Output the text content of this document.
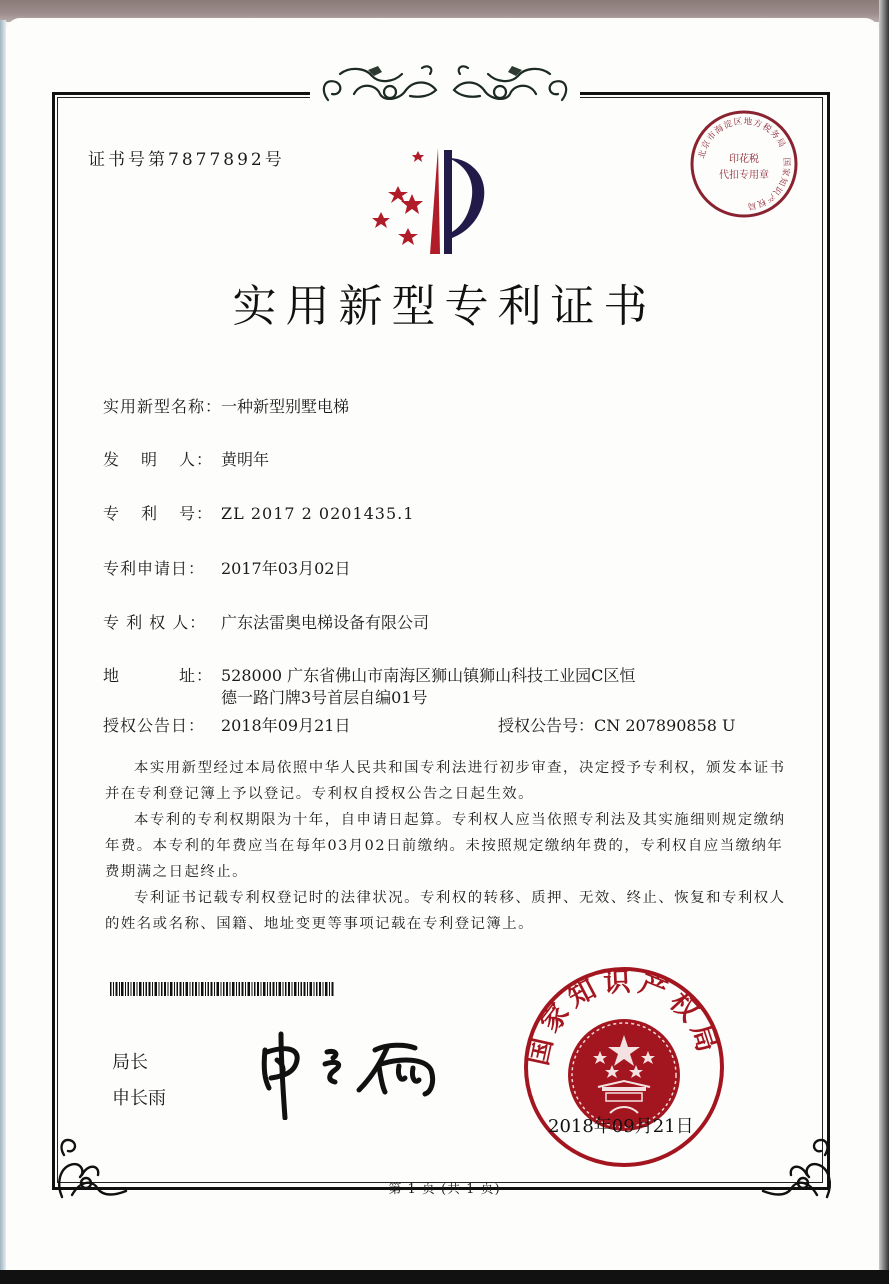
证书号第7877892号	北京市海淀区地方税务局　国家知识产权局
印花税
代扣专用章
实用新型专利证书
实用新型名称：一种新型别墅电梯
发 明 人： 黄明年
专 利 号： ZL 2017 2 0201435.1
专利申请日： 2017年03月02日
专 利 权 人： 广东法雷奥电梯设备有限公司
地	址： 528000 广东省佛山市南海区狮山镇狮山科技工业园C区恒
德一路门牌3号首层自编01号
授权公告日： 2018年09月21日	授权公告号：CN 207890858 U
本实用新型经过本局依照中华人民共和国专利法进行初步审查，决定授予专利权，颁发本证书并在专利登记簿上予以登记。专利权自授权公告之日起生效。
本专利的专利权期限为十年，自申请日起算。专利权人应当依照专利法及其实施细则规定缴纳年费。本专利的年费应当在每年03月02日前缴纳。未按照规定缴纳年费的，专利权自应当缴纳年费期满之日起终止。
专利证书记载专利权登记时的法律状况。专利权的转移、质押、无效、终止、恢复和专利权人的姓名或名称、国籍、地址变更等事项记载在专利登记簿上。
局长
申长雨
国家知识产权局
2018年09月21日
第 1 页 (共 1 页)
